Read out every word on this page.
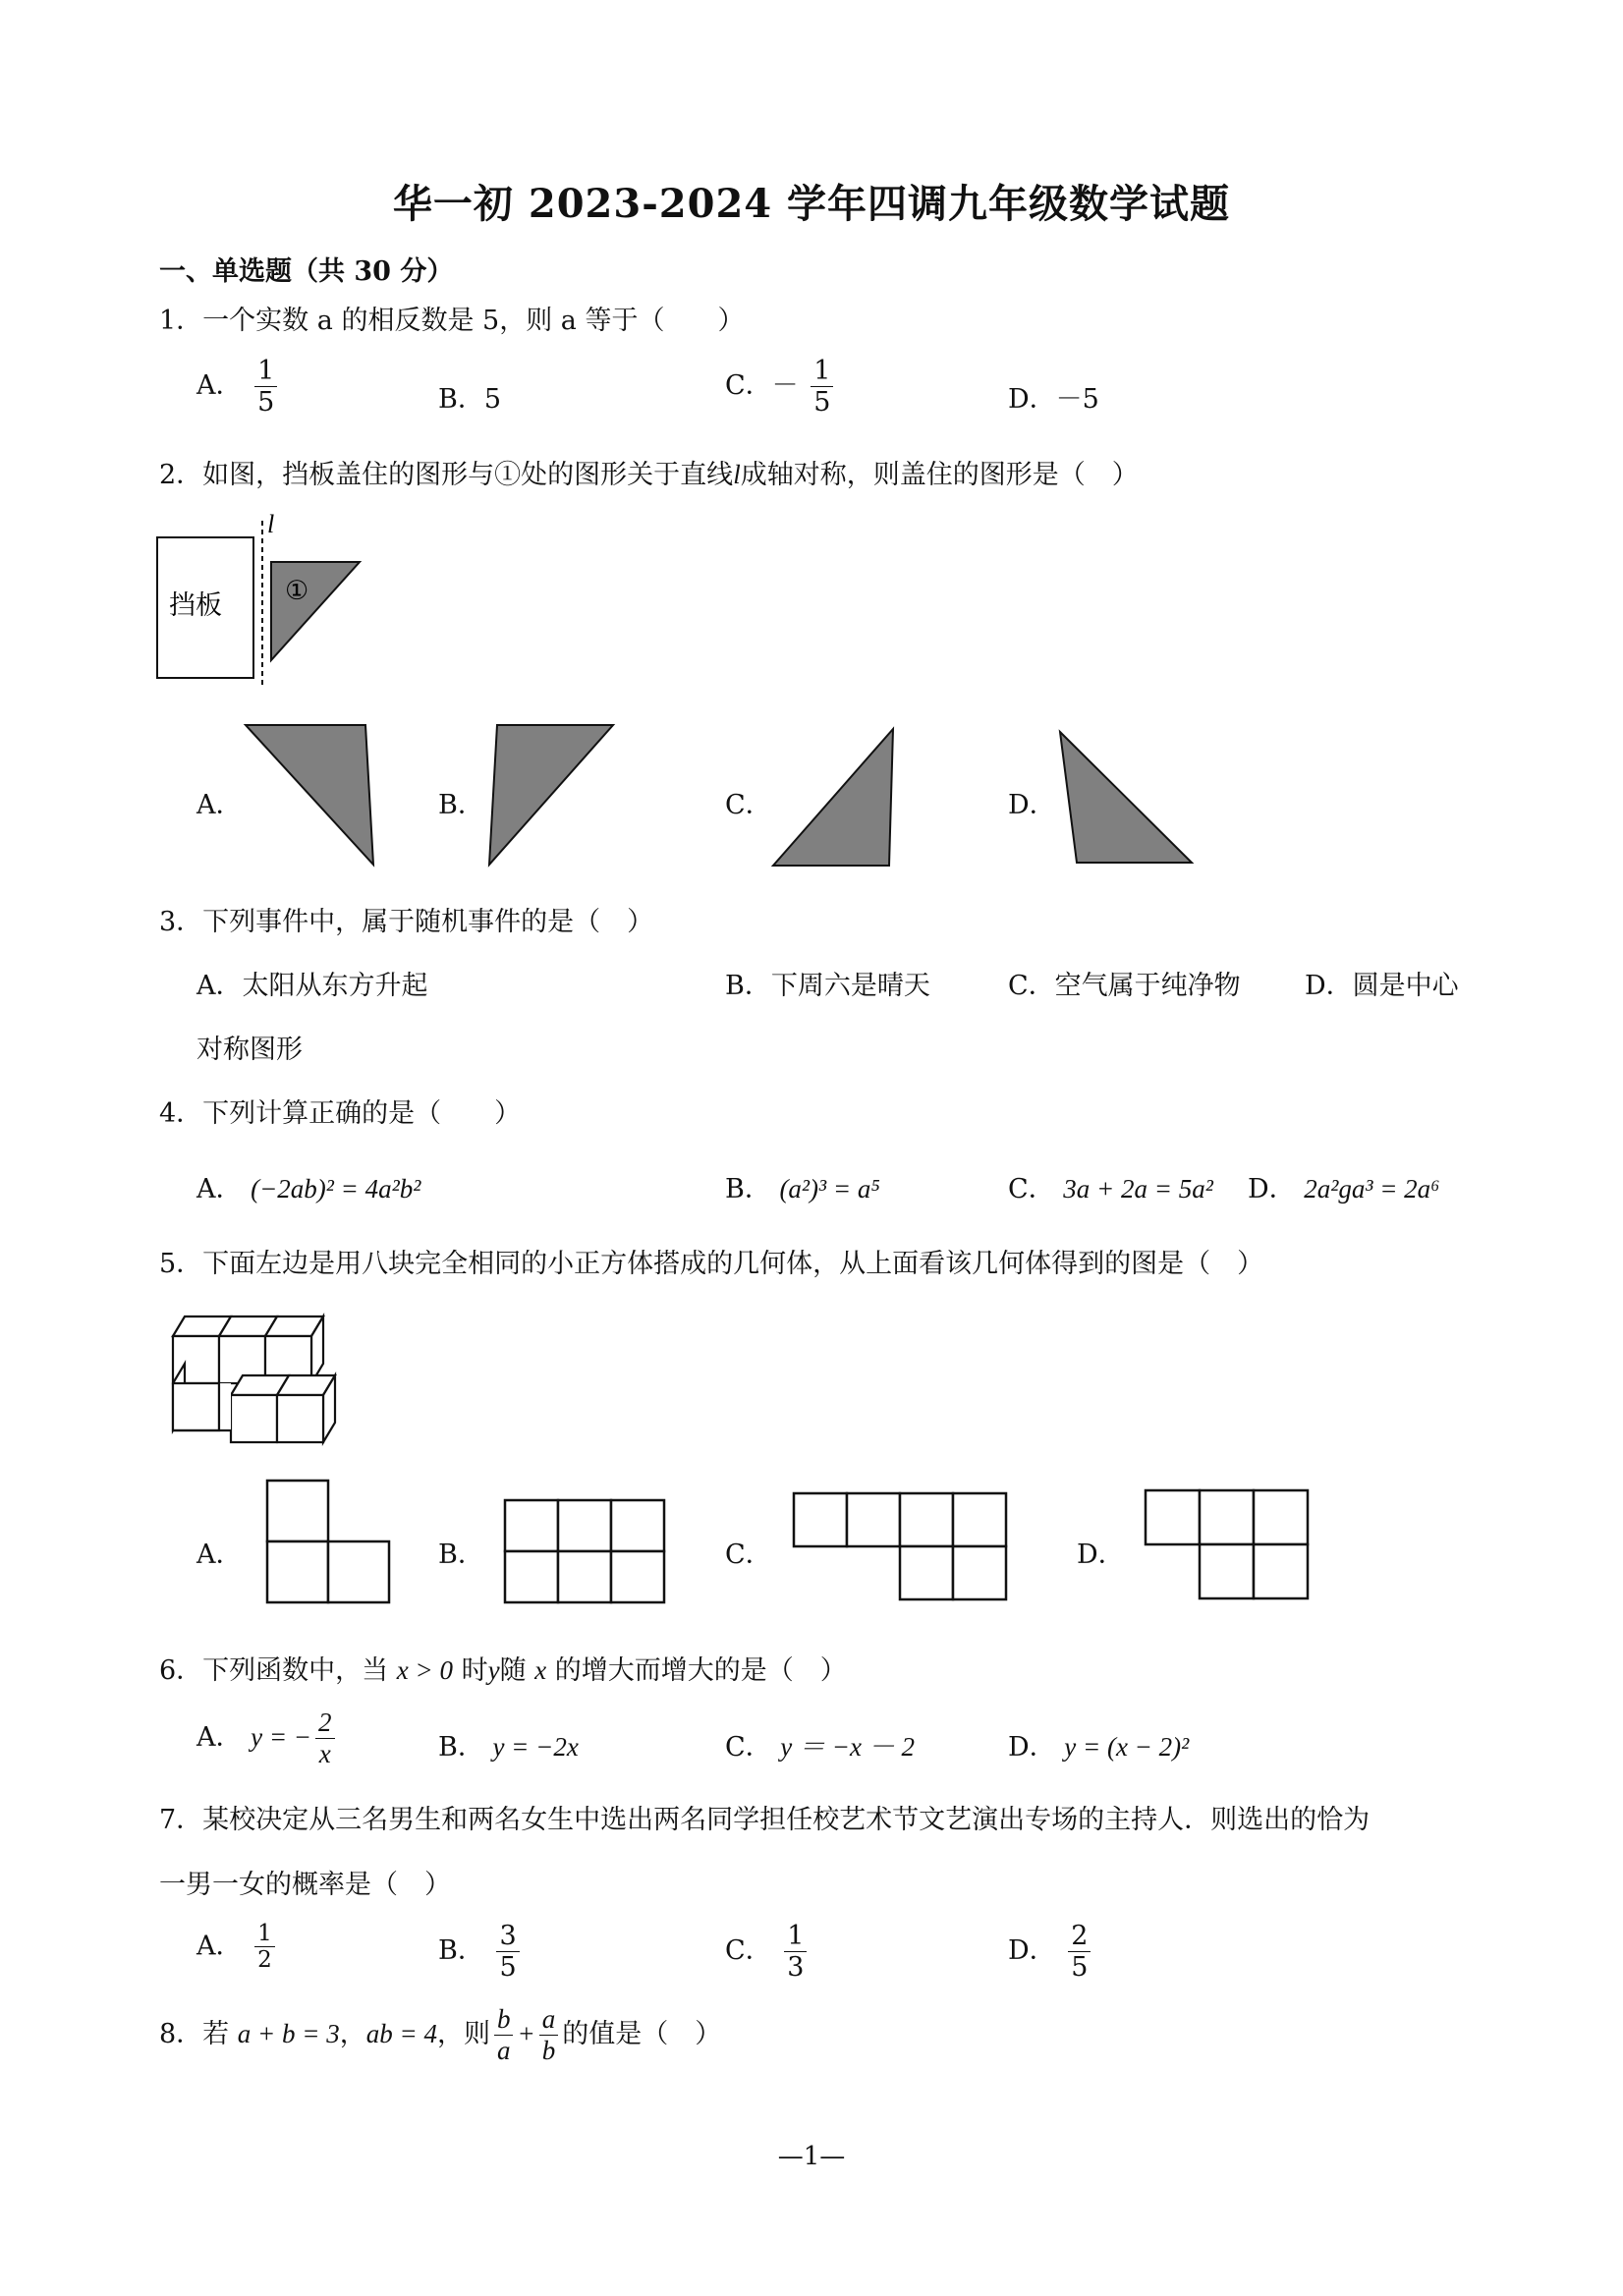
华一初 2023-2024 学年四调九年级数学试题
一、单选题（共 30 分）
1．一个实数 a 的相反数是 5，则 a 等于（　　）
A． $\frac{1}{5}$	B．5	C．－ $\frac{1}{5}$	D．－5
2．如图，挡板盖住的图形与①处的图形关于直线l成轴对称，则盖住的图形是（　）
挡板
l
①
A．	B．	C．	D．
3．下列事件中，属于随机事件的是（　）
A．太阳从东方升起	B．下周六是晴天	C．空气属于纯净物 D．圆是中心
对称图形
4．下列计算正确的是（　　）
A． (−2ab)² = 4a²b²	B． (a²)³ = a⁵	C． 3a + 2a = 5a² D． 2a²ga³ = 2a⁶
5．下面左边是用八块完全相同的小正方体搭成的几何体，从上面看该几何体得到的图是（　）
A．	B．	C．	D．
6．下列函数中，当 x > 0 时y随 x 的增大而增大的是（　）
A． y = − $\frac{2}{x}$	B． y = −2x	C． y ＝ −x － 2	D． y = (x − 2)²
7．某校决定从三名男生和两名女生中选出两名同学担任校艺术节文艺演出专场的主持人．则选出的恰为
一男一女的概率是（　）
A． $\frac{1}{2}$	B． $\frac{3}{5}$	C． $\frac{1}{3}$	D． $\frac{2}{5}$
8．若 a + b = 3，ab = 4，则 $\frac{b}{a} + \frac{a}{b}$ 的值是（　）
—1—
